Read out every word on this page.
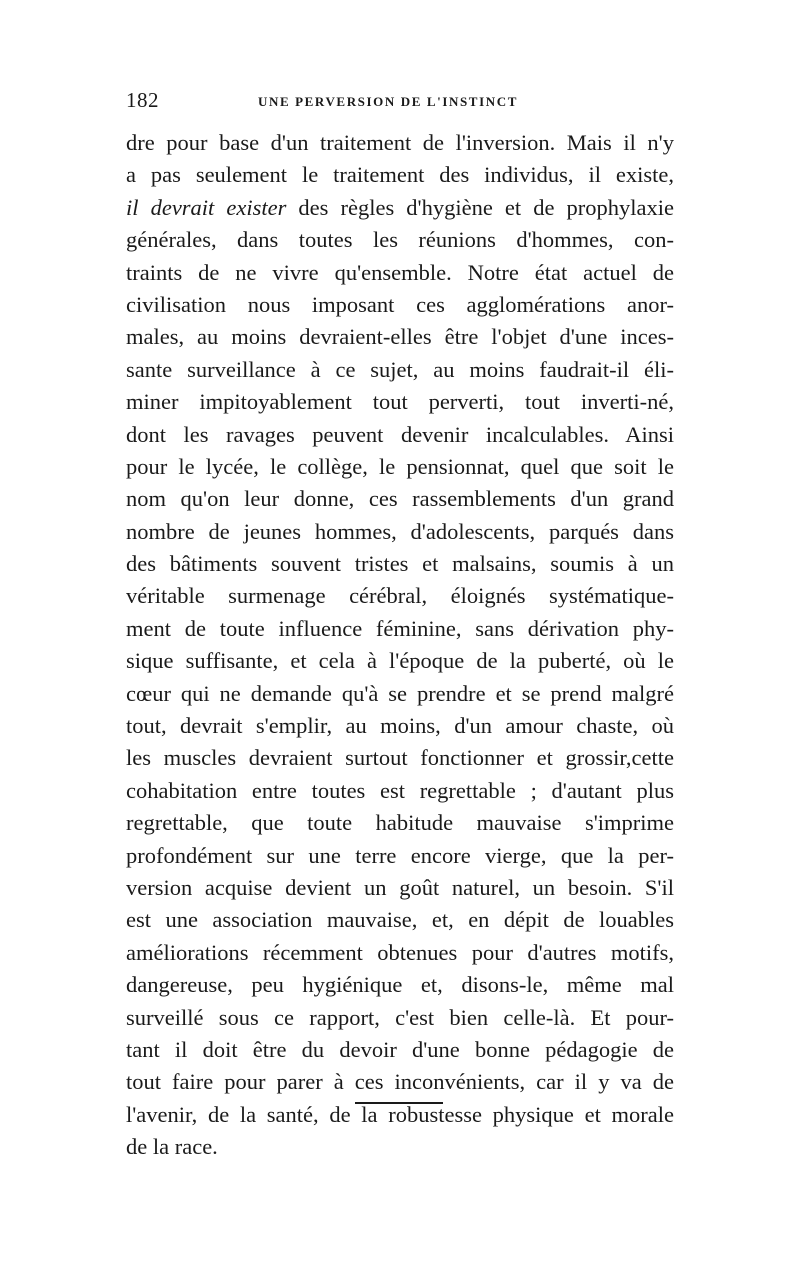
182	UNE PERVERSION DE L'INSTINCT
dre pour base d'un traitement de l'inversion. Mais il n'y
a pas seulement le traitement des individus, il existe,
il devrait exister des règles d'hygiène et de prophylaxie
générales, dans toutes les réunions d'hommes, con-
traints de ne vivre qu'ensemble. Notre état actuel de
civilisation nous imposant ces agglomérations anor-
males, au moins devraient-elles être l'objet d'une inces-
sante surveillance à ce sujet, au moins faudrait-il éli-
miner impitoyablement tout perverti, tout inverti-né,
dont les ravages peuvent devenir incalculables. Ainsi
pour le lycée, le collège, le pensionnat, quel que soit le
nom qu'on leur donne, ces rassemblements d'un grand
nombre de jeunes hommes, d'adolescents, parqués dans
des bâtiments souvent tristes et malsains, soumis à un
véritable surmenage cérébral, éloignés systématique-
ment de toute influence féminine, sans dérivation phy-
sique suffisante, et cela à l'époque de la puberté, où le
cœur qui ne demande qu'à se prendre et se prend malgré
tout, devrait s'emplir, au moins, d'un amour chaste, où
les muscles devraient surtout fonctionner et grossir,cette
cohabitation entre toutes est regrettable ; d'autant plus
regrettable, que toute habitude mauvaise s'imprime
profondément sur une terre encore vierge, que la per-
version acquise devient un goût naturel, un besoin. S'il
est une association mauvaise, et, en dépit de louables
améliorations récemment obtenues pour d'autres motifs,
dangereuse, peu hygiénique et, disons-le, même mal
surveillé sous ce rapport, c'est bien celle-là. Et pour-
tant il doit être du devoir d'une bonne pédagogie de
tout faire pour parer à ces inconvénients, car il y va de
l'avenir, de la santé, de la robustesse physique et morale
de la race.
